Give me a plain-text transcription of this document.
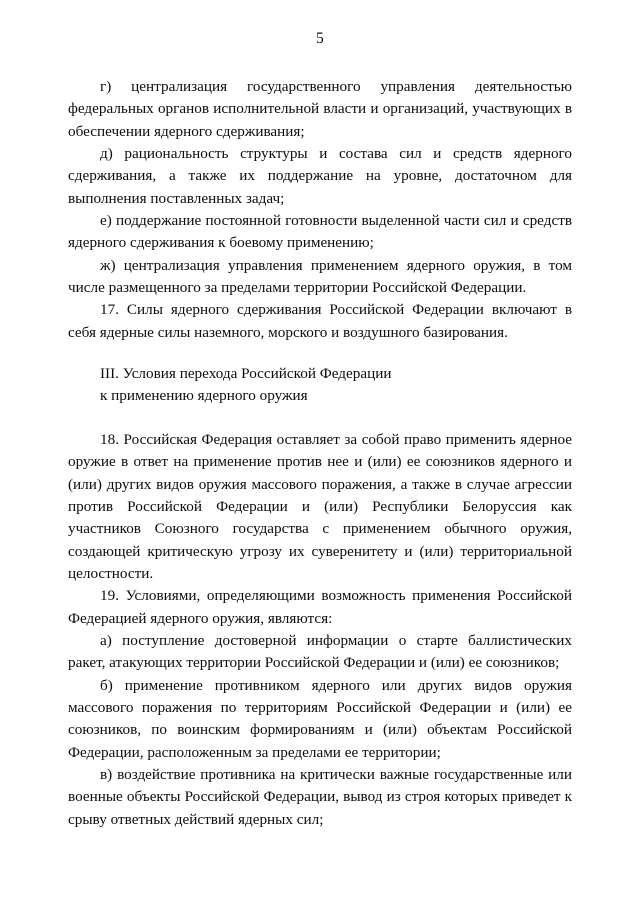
5

г) централизация государственного управления деятельностью федеральных органов исполнительной власти и организаций, участвующих в обеспечении ядерного сдерживания;

д) рациональность структуры и состава сил и средств ядерного сдерживания, а также их поддержание на уровне, достаточном для выполнения поставленных задач;

е) поддержание постоянной готовности выделенной части сил и средств ядерного сдерживания к боевому применению;

ж) централизация управления применением ядерного оружия, в том числе размещенного за пределами территории Российской Федерации.

17. Силы ядерного сдерживания Российской Федерации включают в себя ядерные силы наземного, морского и воздушного базирования.

III. Условия перехода Российской Федерации

к применению ядерного оружия

18. Российская Федерация оставляет за собой право применить ядерное оружие в ответ на применение против нее и (или) ее союзников ядерного и (или) других видов оружия массового поражения, а также в случае агрессии против Российской Федерации и (или) Республики Белоруссия как участников Союзного государства с применением обычного оружия, создающей критическую угрозу их суверенитету и (или) территориальной целостности.

19. Условиями, определяющими возможность применения Российской Федерацией ядерного оружия, являются:

а) поступление достоверной информации о старте баллистических ракет, атакующих территории Российской Федерации и (или) ее союзников;

б) применение противником ядерного или других видов оружия массового поражения по территориям Российской Федерации и (или) ее союзников, по воинским формированиям и (или) объектам Российской Федерации, расположенным за пределами ее территории;

в) воздействие противника на критически важные государственные или военные объекты Российской Федерации, вывод из строя которых приведет к срыву ответных действий ядерных сил;
